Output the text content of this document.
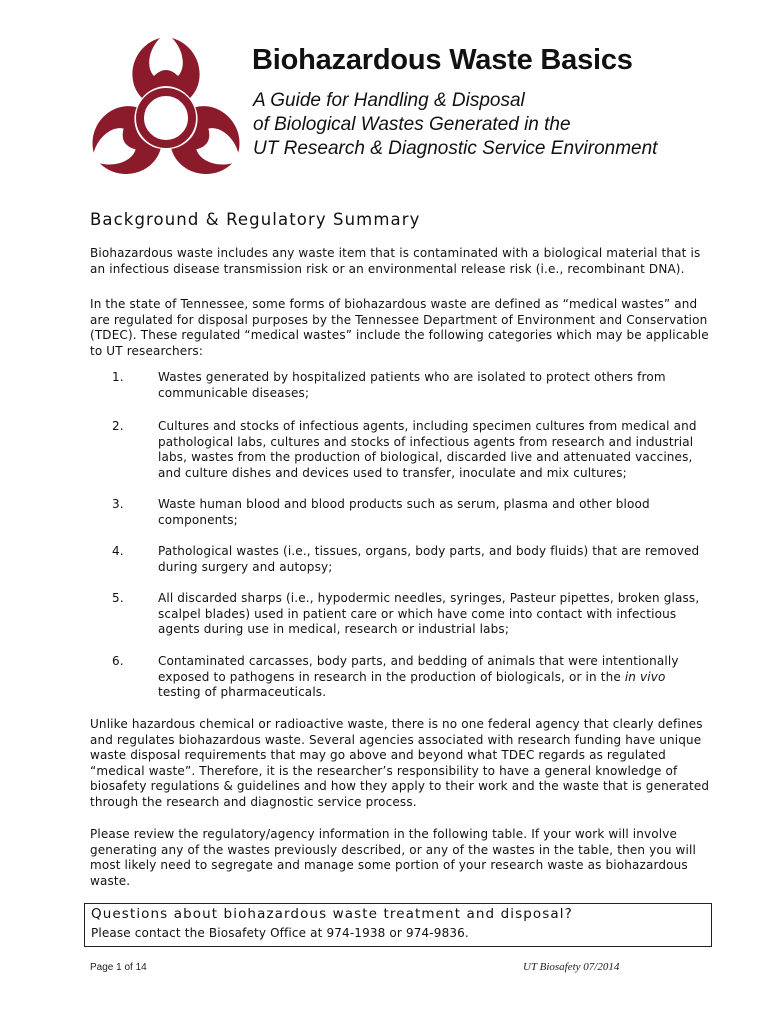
Biohazardous Waste Basics
A Guide for Handling & Disposal
of Biological Wastes Generated in the
UT Research & Diagnostic Service Environment
Background & Regulatory Summary
Biohazardous waste includes any waste item that is contaminated with a biological material that is an infectious disease transmission risk or an environmental release risk (i.e., recombinant DNA).
In the state of Tennessee, some forms of biohazardous waste are defined as “medical wastes” and are regulated for disposal purposes by the Tennessee Department of Environment and Conservation (TDEC). These regulated “medical wastes” include the following categories which may be applicable to UT researchers:
1.	Wastes generated by hospitalized patients who are isolated to protect others from communicable diseases;
2.	Cultures and stocks of infectious agents, including specimen cultures from medical and pathological labs, cultures and stocks of infectious agents from research and industrial labs, wastes from the production of biological, discarded live and attenuated vaccines, and culture dishes and devices used to transfer, inoculate and mix cultures;
3.	Waste human blood and blood products such as serum, plasma and other blood components;
4.	Pathological wastes (i.e., tissues, organs, body parts, and body fluids) that are removed during surgery and autopsy;
5.	All discarded sharps (i.e., hypodermic needles, syringes, Pasteur pipettes, broken glass, scalpel blades) used in patient care or which have come into contact with infectious agents during use in medical, research or industrial labs;
6.	Contaminated carcasses, body parts, and bedding of animals that were intentionally exposed to pathogens in research in the production of biologicals, or in the in vivo testing of pharmaceuticals.
Unlike hazardous chemical or radioactive waste, there is no one federal agency that clearly defines and regulates biohazardous waste. Several agencies associated with research funding have unique waste disposal requirements that may go above and beyond what TDEC regards as regulated “medical waste”. Therefore, it is the researcher’s responsibility to have a general knowledge of biosafety regulations & guidelines and how they apply to their work and the waste that is generated through the research and diagnostic service process.
Please review the regulatory/agency information in the following table. If your work will involve generating any of the wastes previously described, or any of the wastes in the table, then you will most likely need to segregate and manage some portion of your research waste as biohazardous waste.
Questions about biohazardous waste treatment and disposal?
Please contact the Biosafety Office at 974-1938 or 974-9836.
Page 1 of 14	UT Biosafety 07/2014
